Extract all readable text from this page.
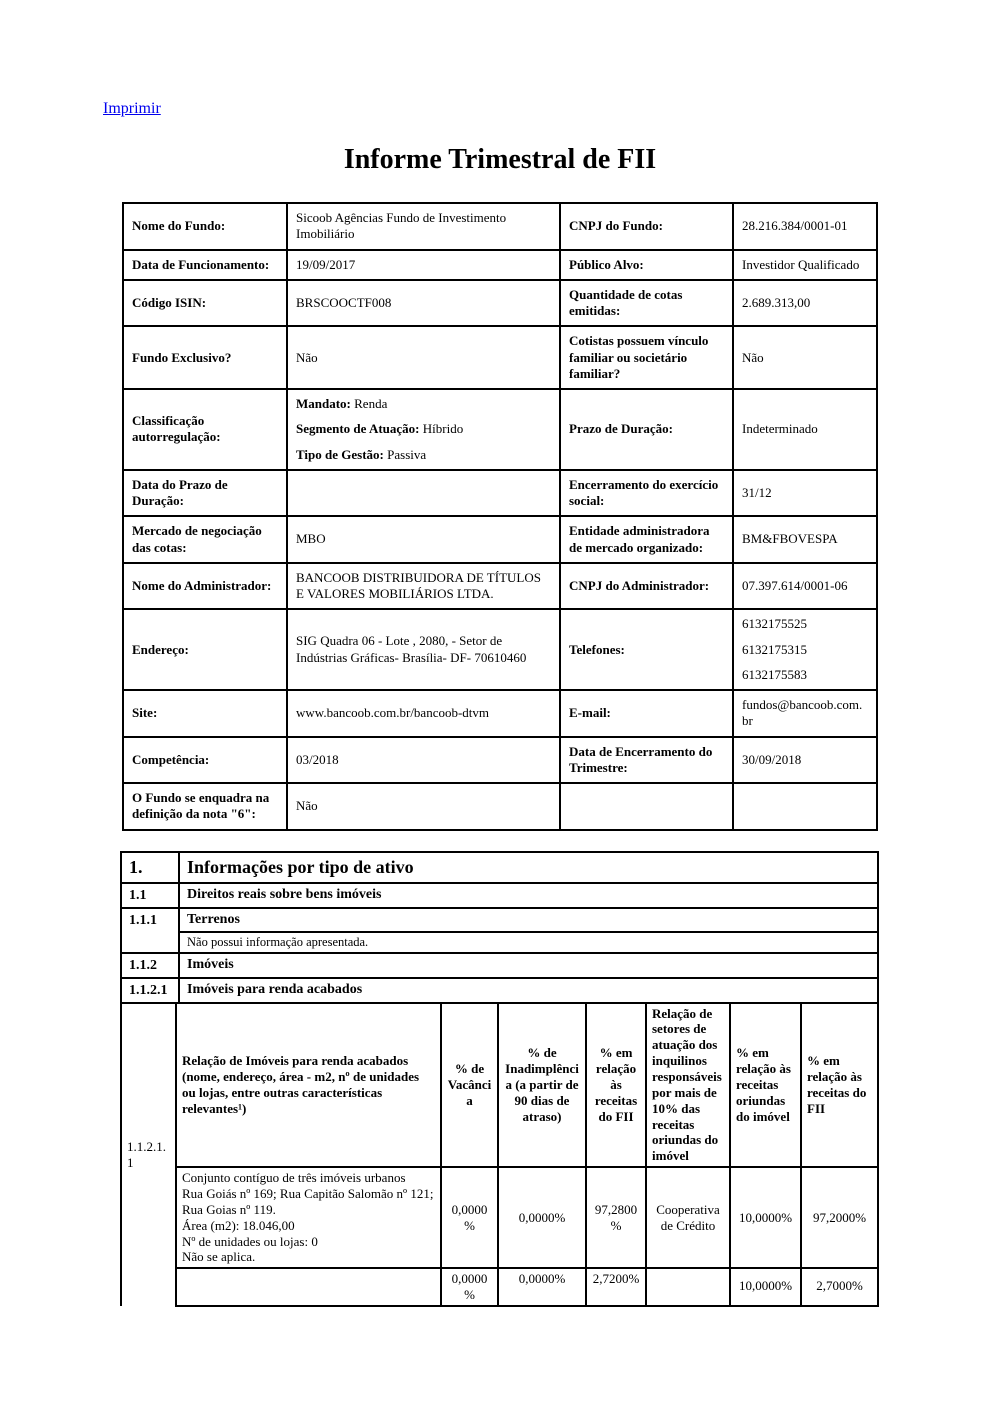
Imprimir
Informe Trimestral de FII
Nome do Fundo:	Sicoob Agências Fundo de Investimento Imobiliário	CNPJ do Fundo:	28.216.384/0001-01
Data de Funcionamento:	19/09/2017	Público Alvo:	Investidor Qualificado
Código ISIN:	BRSCOOCTF008	Quantidade de cotas emitidas:	2.689.313,00
Fundo Exclusivo?	Não	Cotistas possuem vínculo familiar ou societário familiar?	Não
Classificação autorregulação:	Mandato: Renda

Segmento de Atuação: Híbrido

Tipo de Gestão: Passiva	Prazo de Duração:	Indeterminado
Data do Prazo de Duração:		Encerramento do exercício social:	31/12
Mercado de negociação das cotas:	MBO	Entidade administradora de mercado organizado:	BM&FBOVESPA
Nome do Administrador:	BANCOOB DISTRIBUIDORA DE TÍTULOS E VALORES MOBILIÁRIOS LTDA.	CNPJ do Administrador:	07.397.614/0001-06
Endereço:	SIG Quadra 06 - Lote , 2080, - Setor de Indústrias Gráficas- Brasília- DF- 70610460	Telefones:	6132175525

6132175315

6132175583

Site:	www.bancoob.com.br/bancoob-dtvm	E-mail:	fundos@bancoob.com.br
Competência:	03/2018	Data de Encerramento do Trimestre:	30/09/2018
O Fundo se enquadra na definição da nota "6":	Não		
1.	Informações por tipo de ativo
1.1	Direitos reais sobre bens imóveis
1.1.1	Terrenos
	Não possui informação apresentada.
1.1.2	Imóveis
1.1.2.1	Imóveis para renda acabados
1.1.2.1.1	Relação de Imóveis para renda acabados (nome, endereço, área - m2, nº de unidades ou lojas, entre outras características relevantes¹)	% de Vacância	% de Inadimplência (a partir de 90 dias de atraso)	% em relação às receitas do FII	Relação de setores de atuação dos inquilinos responsáveis por mais de 10% das receitas oriundas do imóvel	% em relação às receitas oriundas do imóvel	% em relação às receitas do FII

	Conjunto contíguo de três imóveis urbanos
Rua Goiás nº 169; Rua Capitão Salomão nº 121; Rua Goias nº 119.
Área (m2): 18.046,00
Nº de unidades ou lojas: 0
Não se aplica.	0,0000%	0,0000%	97,2800%	Cooperativa de Crédito	10,0000%	97,2000%
		0,0000%	0,0000%	2,7200%		10,0000%	2,7000%
